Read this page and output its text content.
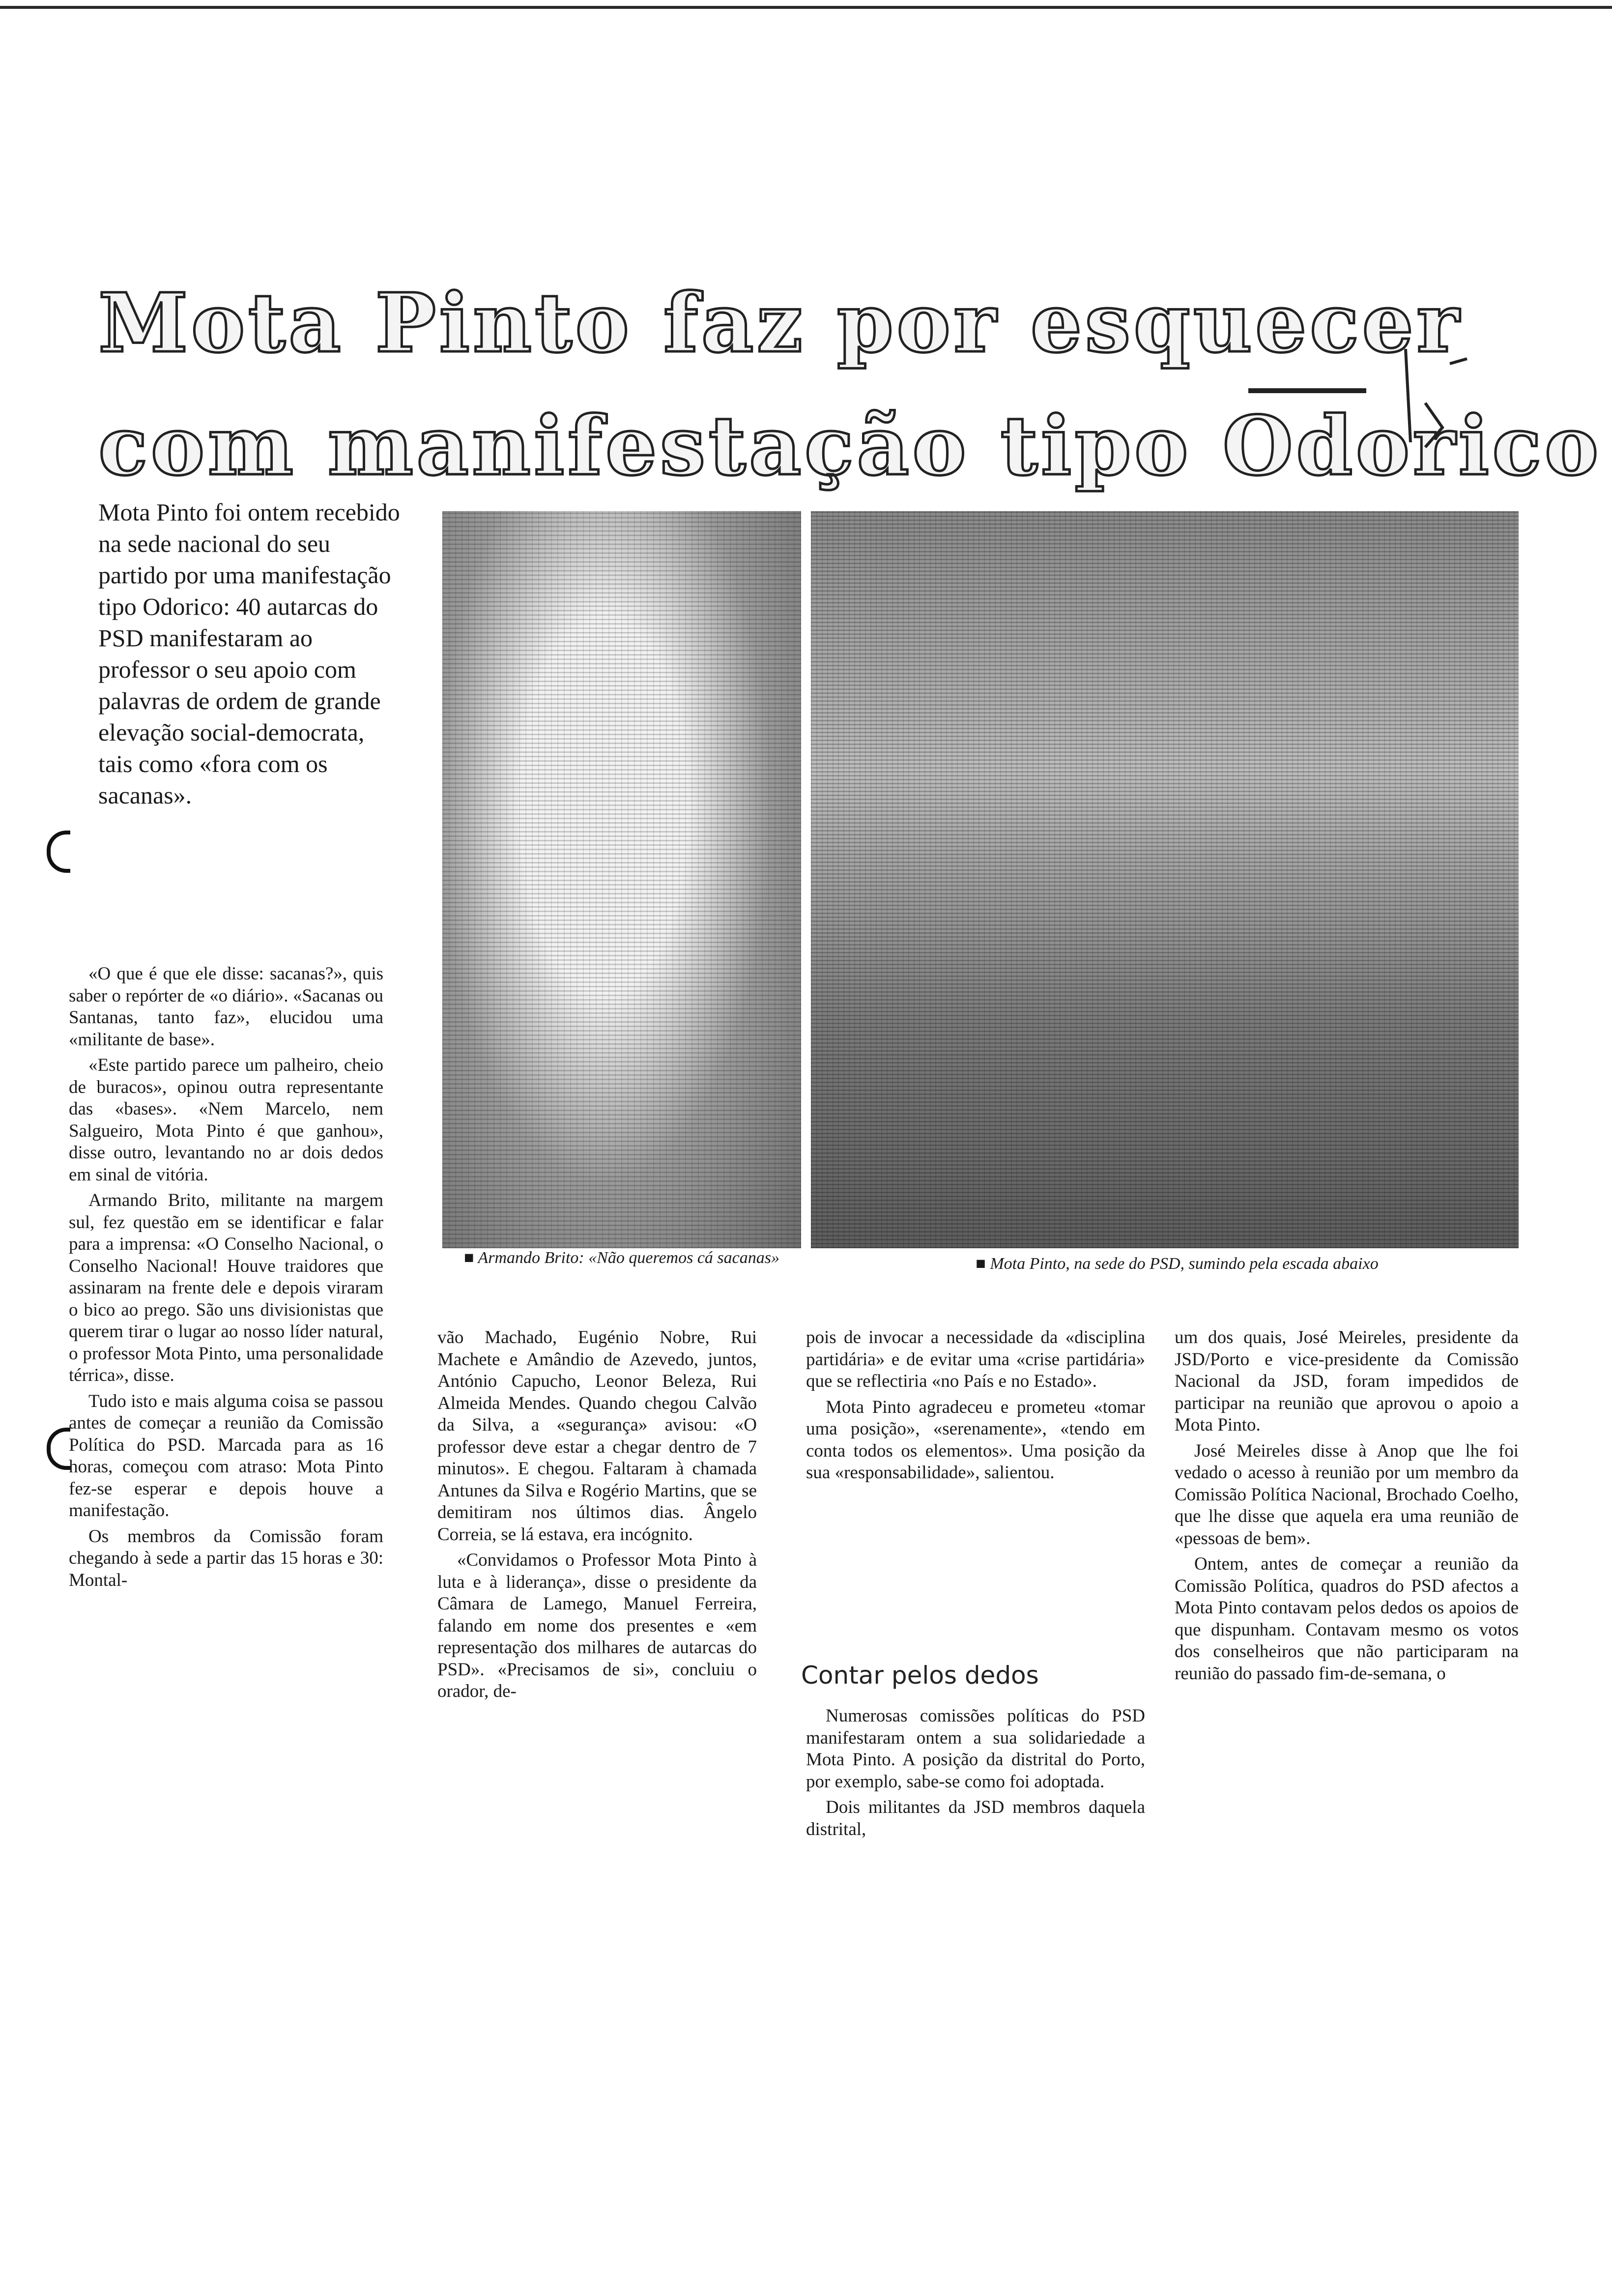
Mota Pinto faz por esquecer
com manifestação tipo Odorico
Mota Pinto foi ontem recebido na sede nacional do seu partido por uma manifestação tipo Odorico: 40 autarcas do PSD manifestaram ao professor o seu apoio com palavras de ordem de grande elevação social-democrata, tais como «fora com os sacanas».
■ Armando Brito: «Não queremos cá sacanas»	■ Mota Pinto, na sede do PSD, sumindo pela escada abaixo

«O que é que ele disse: sacanas?», quis saber o repórter de «o diário». «Sacanas ou Santanas, tanto faz», elucidou uma «militante de base».

«Este partido parece um palheiro, cheio de buracos», opinou outra representante das «bases». «Nem Marcelo, nem Salgueiro, Mota Pinto é que ganhou», disse outro, levantando no ar dois dedos em sinal de vitória.

Armando Brito, militante na margem sul, fez questão em se identificar e falar para a imprensa: «O Conselho Nacional, o Conselho Nacional! Houve traidores que assinaram na frente dele e depois viraram o bico ao prego. São uns divisionistas que querem tirar o lugar ao nosso líder natural, o professor Mota Pinto, uma personalidade térrica», disse.

Tudo isto e mais alguma coisa se passou antes de começar a reunião da Comissão Política do PSD. Marcada para as 16 horas, começou com atraso: Mota Pinto fez-se esperar e depois houve a manifestação.

Os membros da Comissão foram chegando à sede a partir das 15 horas e 30: Montal-

vão Machado, Eugénio Nobre, Rui Machete e Amândio de Azevedo, juntos, António Capucho, Leonor Beleza, Rui Almeida Mendes. Quando chegou Calvão da Silva, a «segurança» avisou: «O professor deve estar a chegar dentro de 7 minutos». E chegou. Faltaram à chamada Antunes da Silva e Rogério Martins, que se demitiram nos últimos dias. Ângelo Correia, se lá estava, era incógnito.

«Convidamos o Professor Mota Pinto à luta e à liderança», disse o presidente da Câmara de Lamego, Manuel Ferreira, falando em nome dos presentes e «em representação dos milhares de autarcas do PSD». «Precisamos de si», concluiu o orador, de-

pois de invocar a necessidade da «disciplina partidária» e de evitar uma «crise partidária» que se reflectiria «no País e no Estado».

Mota Pinto agradeceu e prometeu «tomar uma posição», «serenamente», «tendo em conta todos os elementos». Uma posição da sua «responsabilidade», salientou.

Contar pelos dedos

Numerosas comissões políticas do PSD manifestaram ontem a sua solidariedade a Mota Pinto. A posição da distrital do Porto, por exemplo, sabe-se como foi adoptada.

Dois militantes da JSD membros daquela distrital,

um dos quais, José Meireles, presidente da JSD/Porto e vice-presidente da Comissão Nacional da JSD, foram impedidos de participar na reunião que aprovou o apoio a Mota Pinto.

José Meireles disse à Anop que lhe foi vedado o acesso à reunião por um membro da Comissão Política Nacional, Brochado Coelho, que lhe disse que aquela era uma reunião de «pessoas de bem».

Ontem, antes de começar a reunião da Comissão Política, quadros do PSD afectos a Mota Pinto contavam pelos dedos os apoios de que dispunham. Contavam mesmo os votos dos conselheiros que não participaram na reunião do passado fim-de-semana, o
